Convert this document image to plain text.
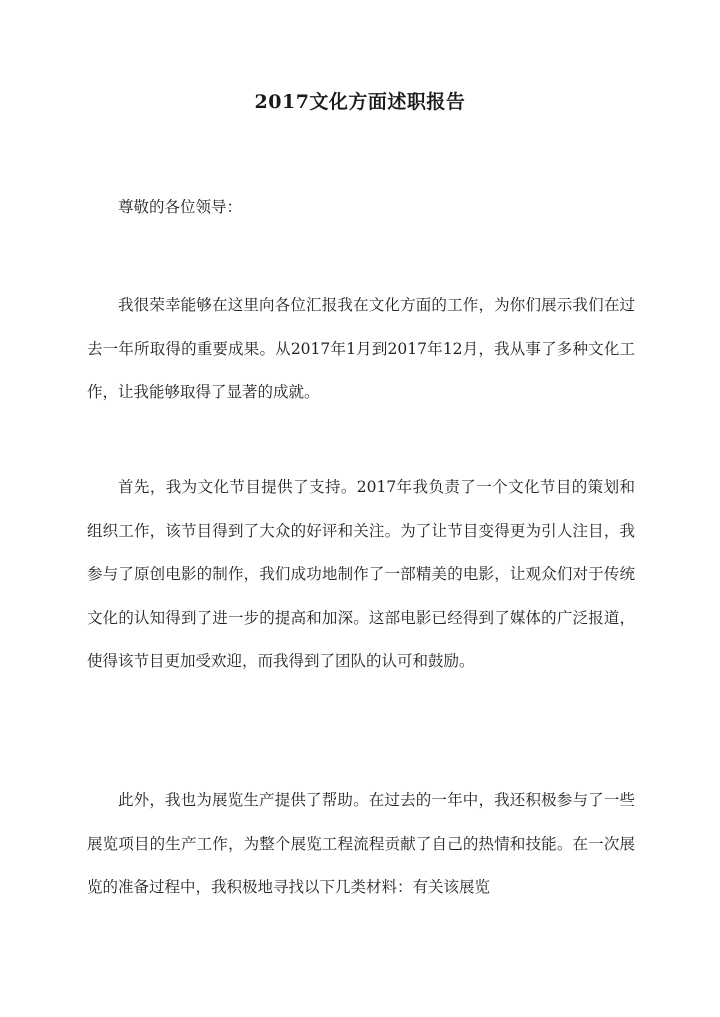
2017文化方面述职报告

尊敬的各位领导：

我很荣幸能够在这里向各位汇报我在文化方面的工作，为你们展示我们在过去一年所取得的重要成果。从2017年1月到2017年12月，我从事了多种文化工作，让我能够取得了显著的成就。

首先，我为文化节目提供了支持。2017年我负责了一个文化节目的策划和组织工作，该节目得到了大众的好评和关注。为了让节目变得更为引人注目，我参与了原创电影的制作，我们成功地制作了一部精美的电影，让观众们对于传统文化的认知得到了进一步的提高和加深。这部电影已经得到了媒体的广泛报道，使得该节目更加受欢迎，而我得到了团队的认可和鼓励。

此外，我也为展览生产提供了帮助。在过去的一年中，我还积极参与了一些展览项目的生产工作，为整个展览工程流程贡献了自己的热情和技能。在一次展览的准备过程中，我积极地寻找以下几类材料：有关该展览
